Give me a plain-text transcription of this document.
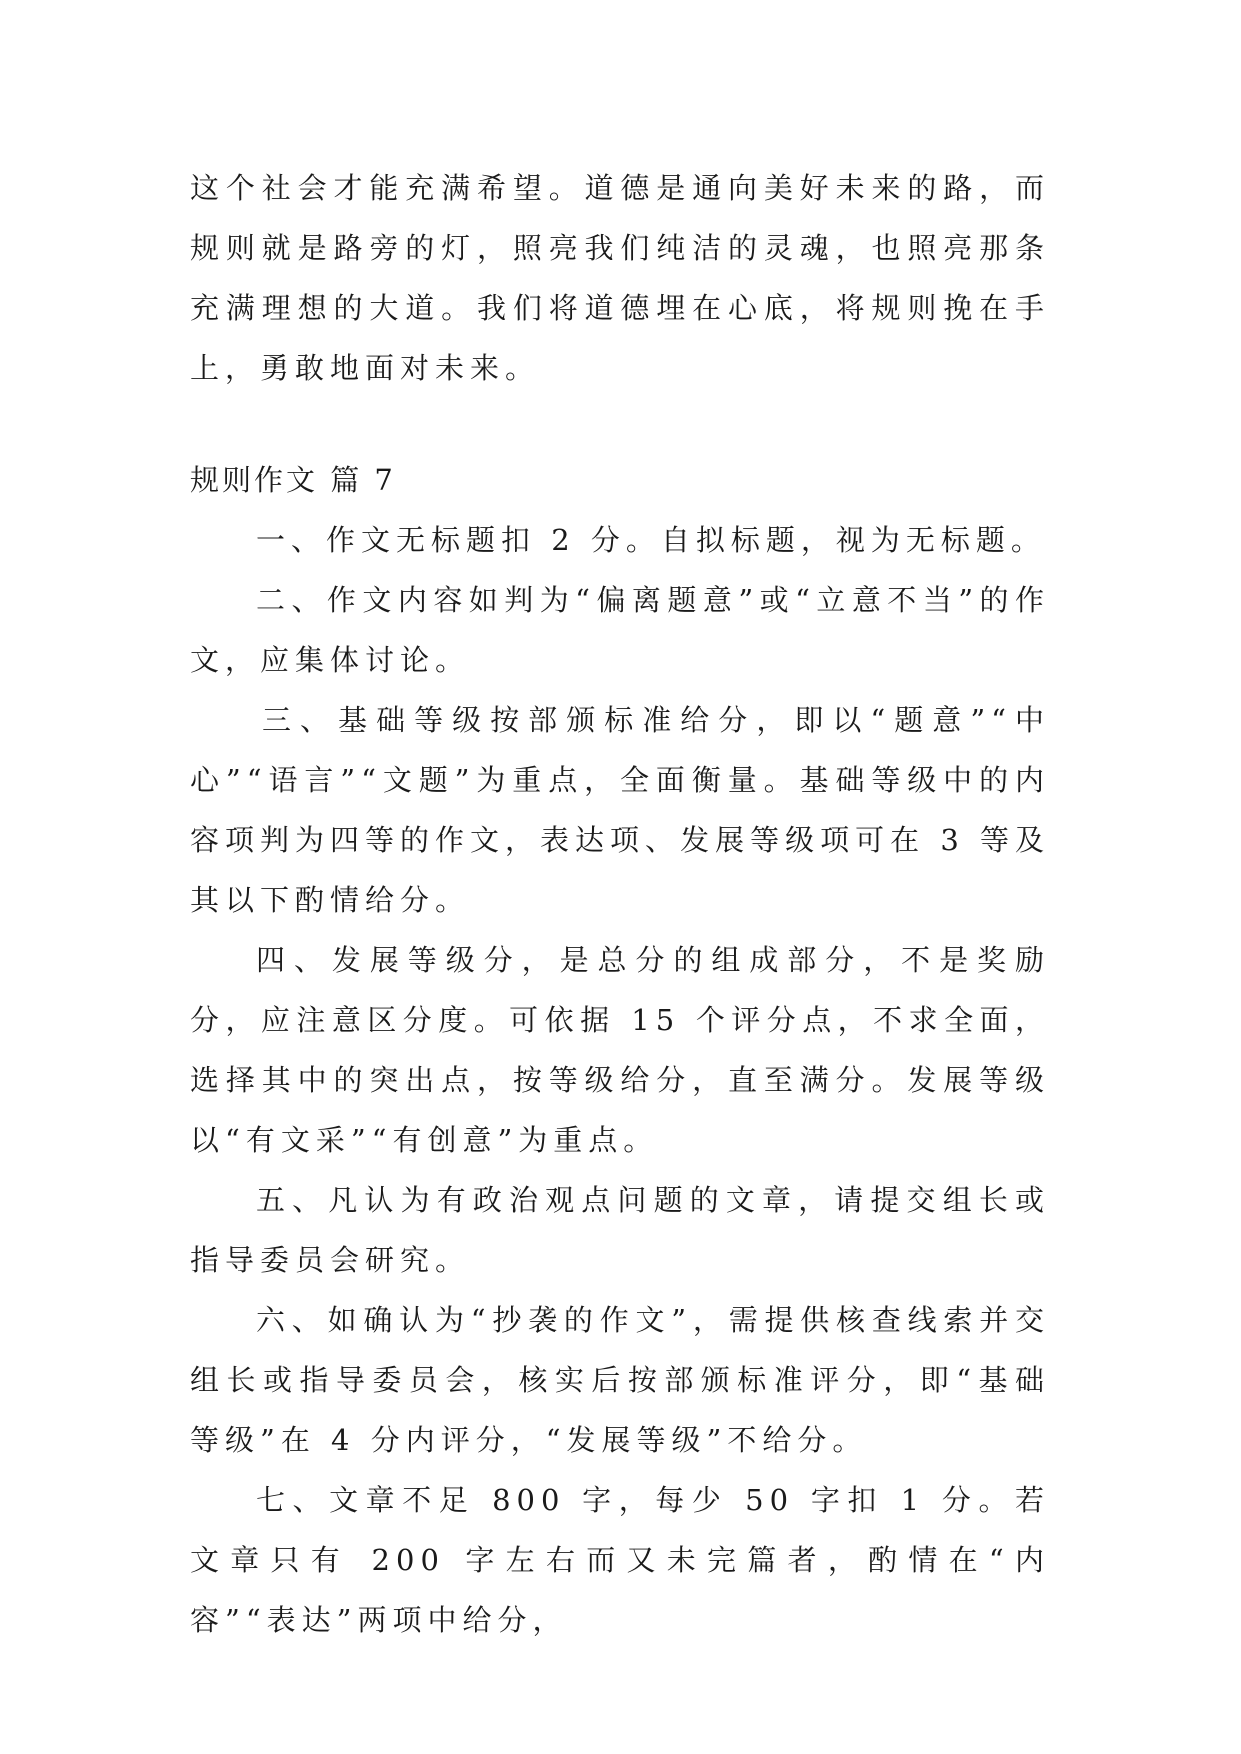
这个社会才能充满希望。道德是通向美好未来的路，而规则就是路旁的灯，照亮我们纯洁的灵魂，也照亮那条充满理想的大道。我们将道德埋在心底，将规则挽在手上，勇敢地面对未来。

规则作文 篇 7

一、作文无标题扣 2 分。自拟标题，视为无标题。

二、作文内容如判为“偏离题意”或“立意不当”的作文，应集体讨论。

三、基础等级按部颁标准给分，即以“题意”“中心”“语言”“文题”为重点，全面衡量。基础等级中的内容项判为四等的作文，表达项、发展等级项可在 3 等及其以下酌情给分。

四、发展等级分，是总分的组成部分，不是奖励分，应注意区分度。可依据 15 个评分点，不求全面，选择其中的突出点，按等级给分，直至满分。发展等级以“有文采”“有创意”为重点。

五、凡认为有政治观点问题的文章，请提交组长或指导委员会研究。

六、如确认为“抄袭的作文”，需提供核查线索并交组长或指导委员会，核实后按部颁标准评分，即“基础等级”在 4 分内评分，“发展等级”不给分。

七、文章不足 800 字，每少 50 字扣 1 分。若文章只有 200 字左右而又未完篇者，酌情在“内容”“表达”两项中给分，
